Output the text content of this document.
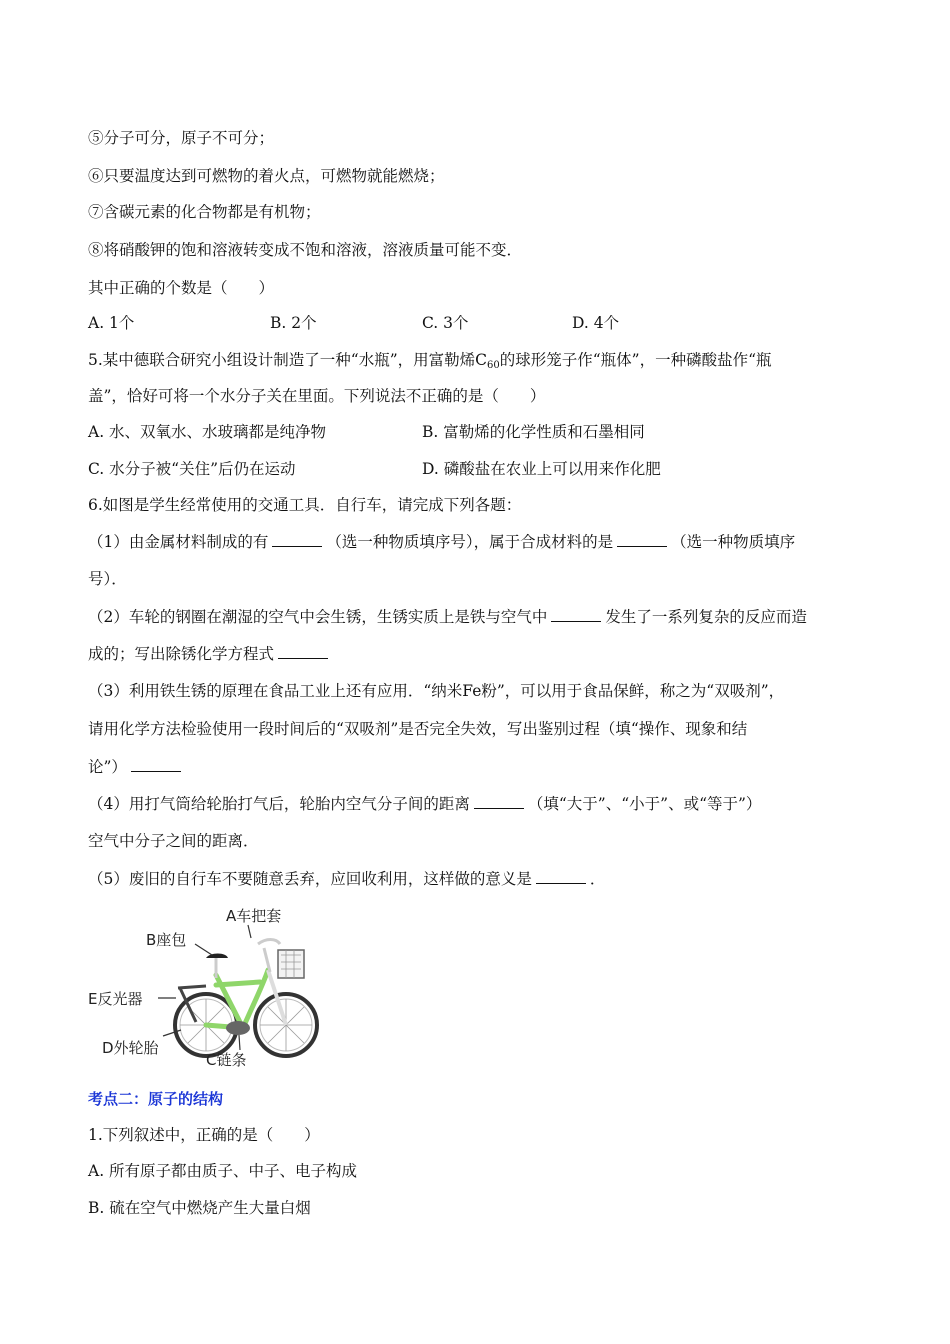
⑤分子可分，原子不可分；
⑥只要温度达到可燃物的着火点，可燃物就能燃烧；
⑦含碳元素的化合物都是有机物；
⑧将硝酸钾的饱和溶液转变成不饱和溶液，溶液质量可能不变．
其中正确的个数是（　　）
A. 1个	B. 2个	C. 3个	D. 4个
5.某中德联合研究小组设计制造了一种“水瓶”，用富勒烯$C_{60}$的球形笼子作“瓶体”，一种磷酸盐作“瓶
盖”，恰好可将一个水分子关在里面。下列说法不正确的是（　　）
A. 水、双氧水、水玻璃都是纯净物	B. 富勒烯的化学性质和石墨相同
C. 水分子被“关住”后仍在运动	D. 磷酸盐在农业上可以用来作化肥
6.如图是学生经常使用的交通工具．自行车，请完成下列各题：
（1）由金属材料制成的有	（选一种物质填序号），属于合成材料的是	（选一种物质填序
号）．
（2）车轮的钢圈在潮湿的空气中会生锈，生锈实质上是铁与空气中	发生了一系列复杂的反应而造
成的；写出除锈化学方程式
（3）利用铁生锈的原理在食品工业上还有应用．“纳米Fe粉”，可以用于食品保鲜，称之为“双吸剂”，
请用化学方法检验使用一段时间后的“双吸剂”是否完全失效，写出鉴别过程（填“操作、现象和结
论”）
（4）用打气筒给轮胎打气后，轮胎内空气分子间的距离	（填“大于”、“小于”、或“等于”）
空气中分子之间的距离．
（5）废旧的自行车不要随意丢弃，应回收利用，这样做的意义是	．
A车把套
B座包
E反光器
D外轮胎
C链条
考点二：原子的结构
1.下列叙述中，正确的是（　　）
A. 所有原子都由质子、中子、电子构成
B. 硫在空气中燃烧产生大量白烟
